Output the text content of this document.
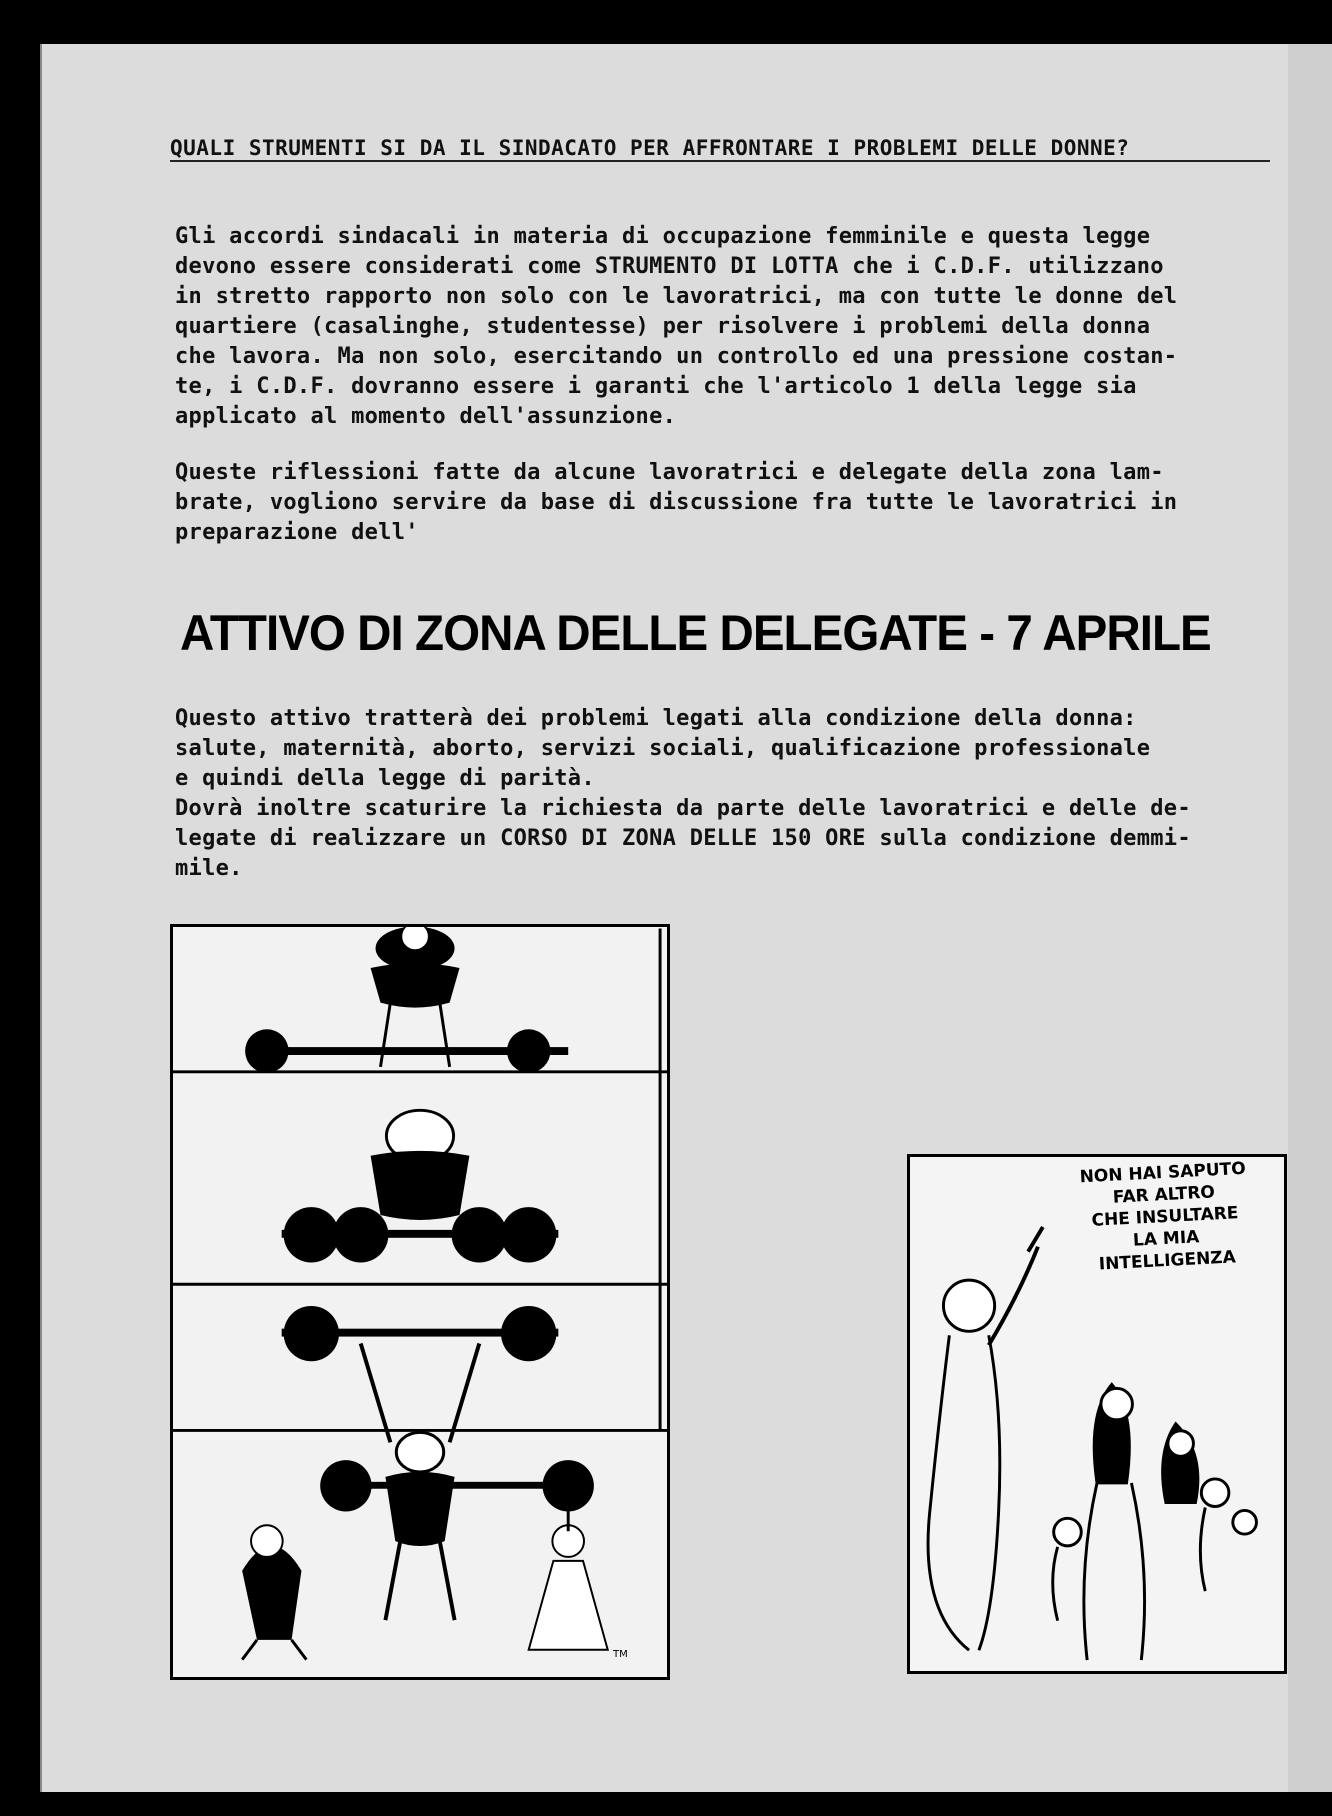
QUALI STRUMENTI SI DA IL SINDACATO PER AFFRONTARE I PROBLEMI DELLE DONNE?
Gli accordi sindacali in materia di occupazione femminile e questa legge
devono essere considerati come STRUMENTO DI LOTTA che i C.D.F. utilizzano
in stretto rapporto non solo con le lavoratrici, ma con tutte le donne del
quartiere (casalinghe, studentesse) per risolvere i problemi della donna
che lavora. Ma non solo, esercitando un controllo ed una pressione costan-
te, i C.D.F. dovranno essere i garanti che l'articolo 1 della legge sia
applicato al momento dell'assunzione.
Queste riflessioni fatte da alcune lavoratrici e delegate della zona lam-
brate, vogliono servire da base di discussione fra tutte le lavoratrici in
preparazione dell'
ATTIVO DI ZONA DELLE DELEGATE - 7 APRILE
Questo attivo tratterà dei problemi legati alla condizione della donna:
salute, maternità, aborto, servizi sociali, qualificazione professionale
e quindi della legge di parità.
Dovrà inoltre scaturire la richiesta da parte delle lavoratrici e delle de-
legate di realizzare un CORSO DI ZONA DELLE 150 ORE sulla condizione demmi-
mile.
TM
NON HAI SAPUTO
FAR ALTRO
CHE INSULTARE
LA MIA
INTELLIGENZA
